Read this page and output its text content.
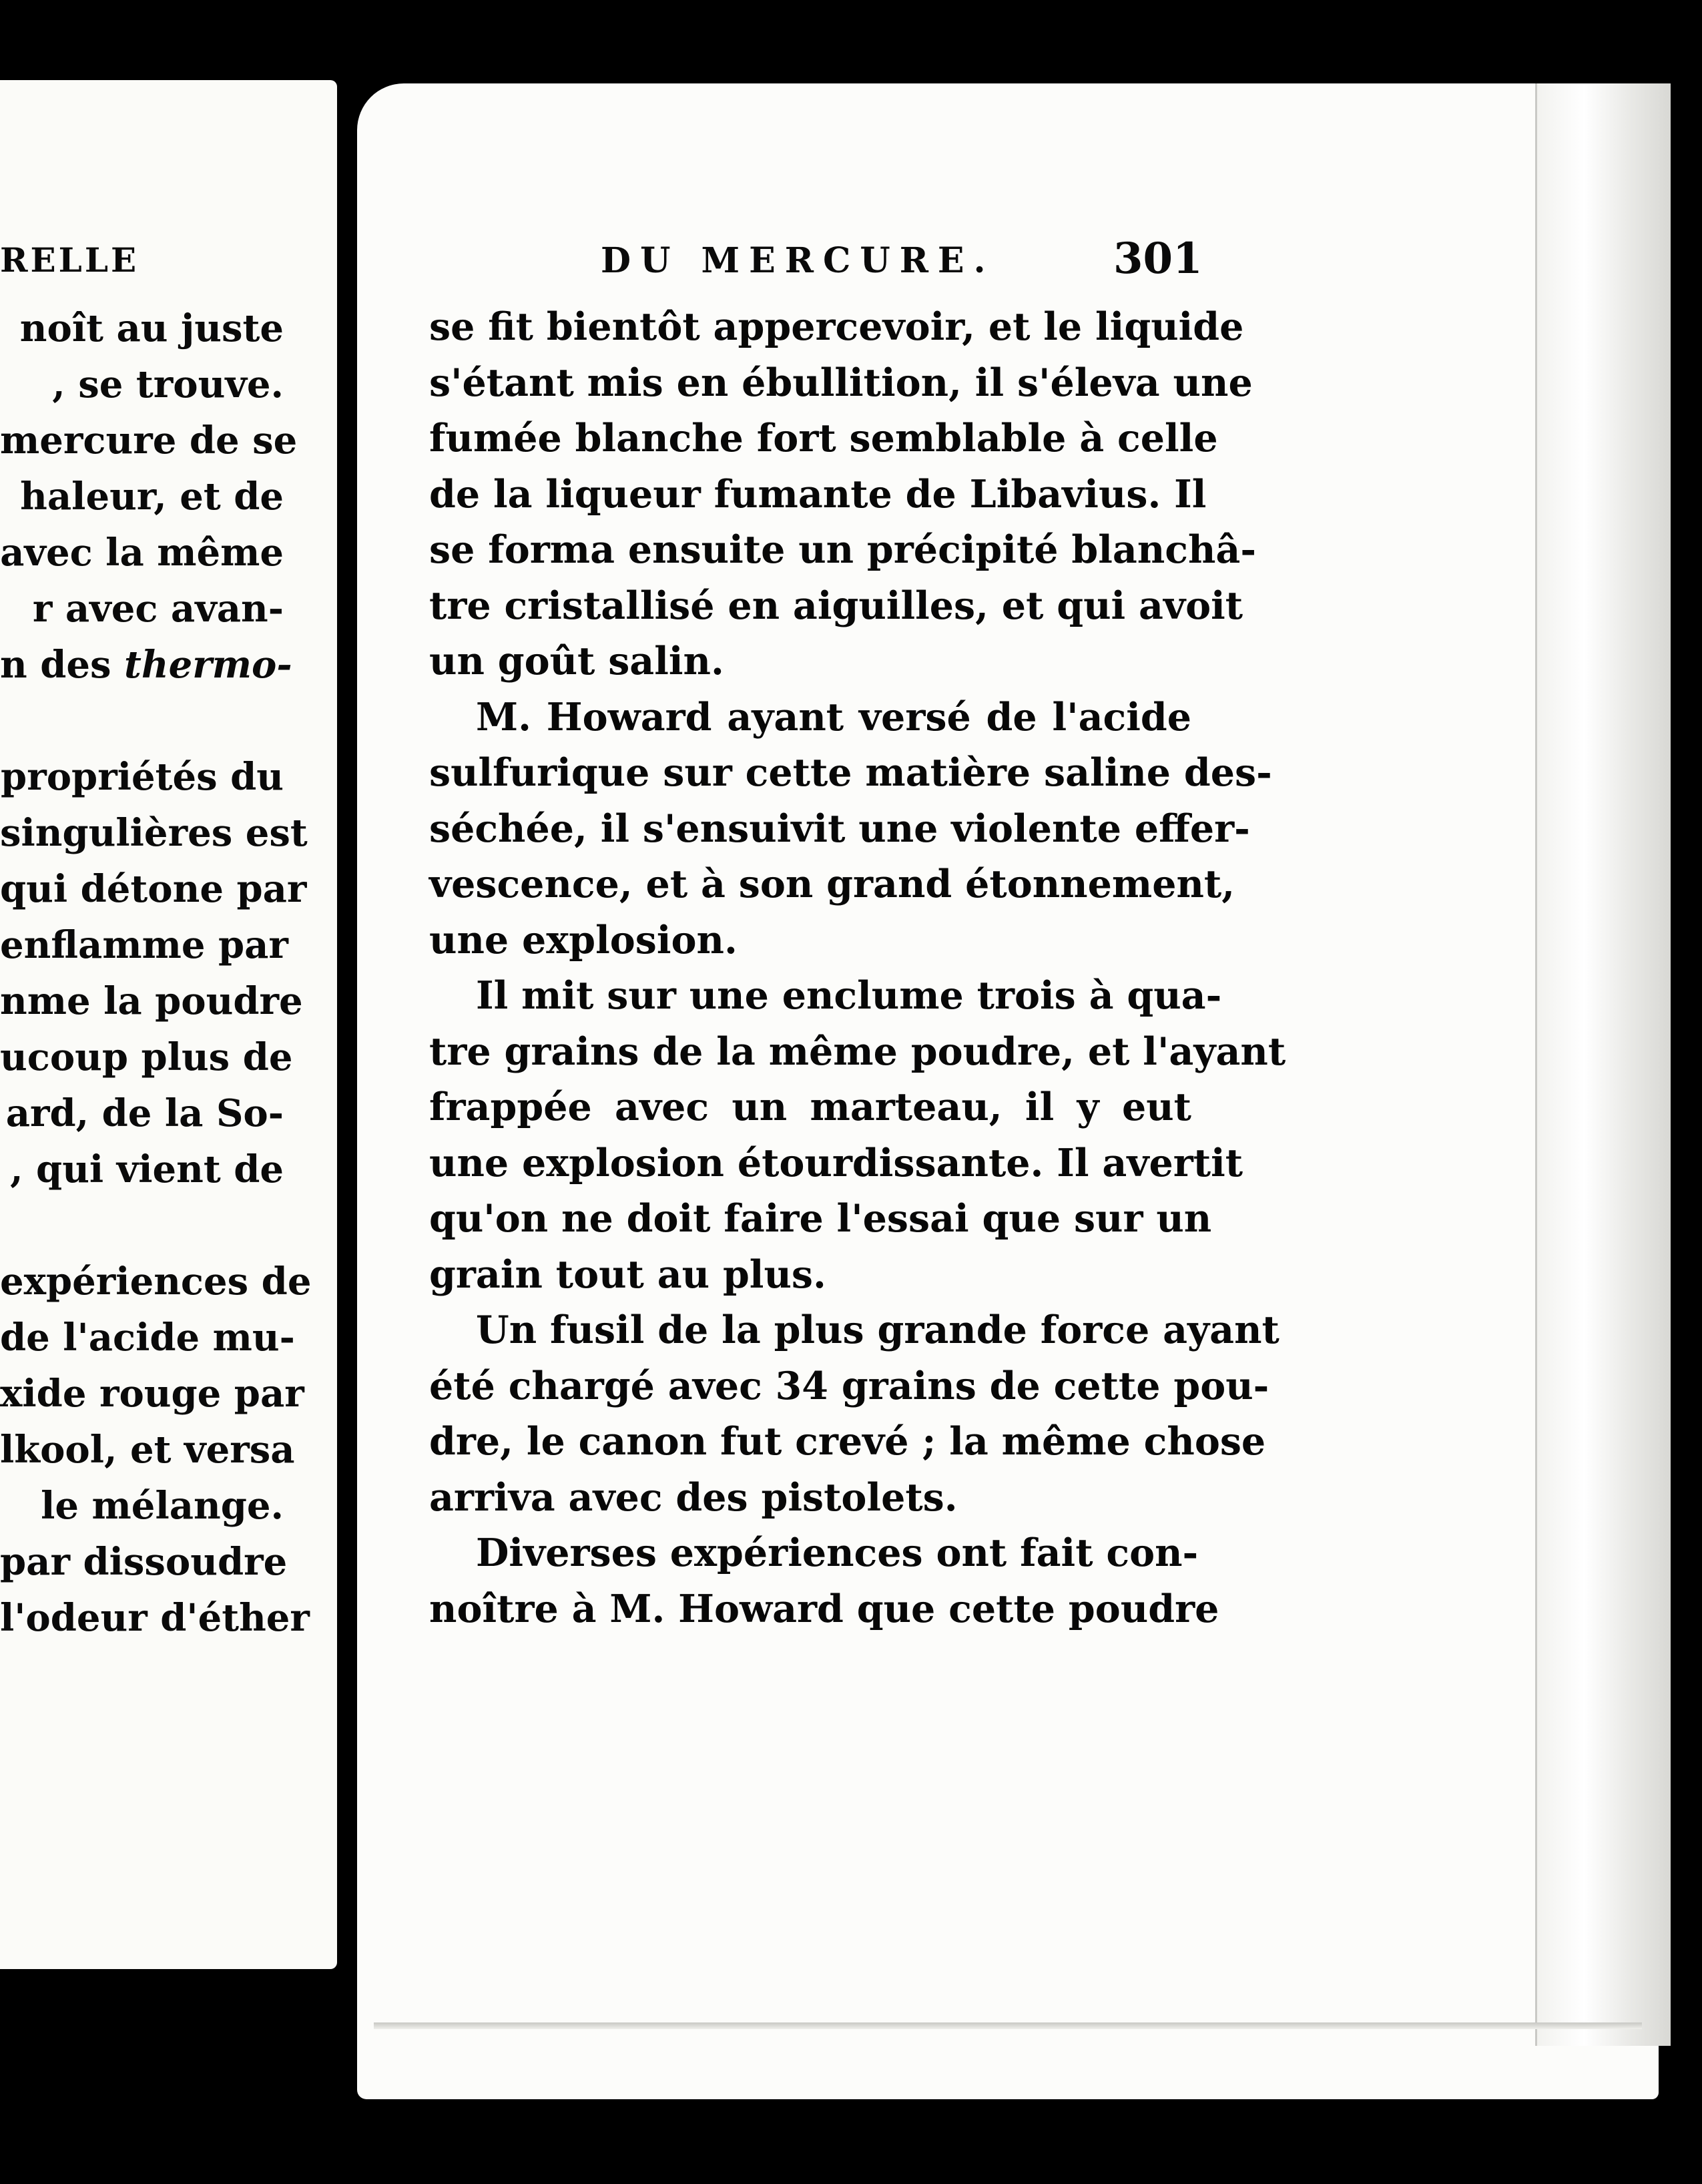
RELLE
noît au juste
, se trouve.
mercure de se
haleur, et de
avec la même
r avec avan-
n des thermo-
propriétés du
singulières est
qui détone par
enflamme par
nme la poudre
ucoup plus de
ard, de la So-
, qui vient de
expériences de
de l'acide mu-
xide rouge par
lkool, et versa
le mélange.
par dissoudre
l'odeur d'éther
DU MERCURE.	301
se fit bientôt appercevoir, et le liquide
s'étant mis en ébullition, il s'éleva une
fumée blanche fort semblable à celle
de la liqueur fumante de Libavius. Il
se forma ensuite un précipité blanchâ-
tre cristallisé en aiguilles, et qui avoit
un goût salin.
M. Howard ayant versé de l'acide
sulfurique sur cette matière saline des-
séchée, il s'ensuivit une violente effer-
vescence, et à son grand étonnement,
une explosion.
Il mit sur une enclume trois à qua-
tre grains de la même poudre, et l'ayant
frappée avec un marteau, il y eut
une explosion étourdissante. Il avertit
qu'on ne doit faire l'essai que sur un
grain tout au plus.
Un fusil de la plus grande force ayant
été chargé avec 34 grains de cette pou-
dre, le canon fut crevé ; la même chose
arriva avec des pistolets.
Diverses expériences ont fait con-
noître à M. Howard que cette poudre
